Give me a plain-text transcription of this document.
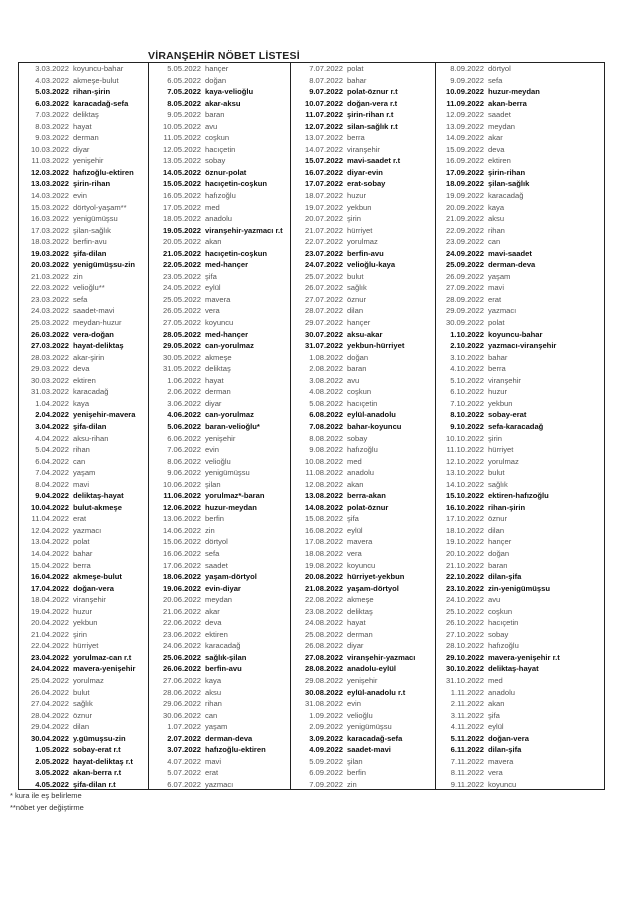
VİRANŞEHİR NÖBET LİSTESİ
3.03.2022 koyuncu-bahar
4.03.2022 akmeşe-bulut
5.03.2022 rihan-şirin
6.03.2022 karacadağ-sefa
7.03.2022 deliktaş
8.03.2022 hayat
9.03.2022 derman
10.03.2022 diyar
11.03.2022 yenişehir
12.03.2022 hafızoğlu-ektiren
13.03.2022 şirin-rihan
14.03.2022 evin
15.03.2022 dörtyol-yaşam**
16.03.2022 yenigümüşsu
17.03.2022 şilan-sağlık
18.03.2022 berfin-avu
19.03.2022 şifa-dilan
20.03.2022 yenigümüşsu-zin
21.03.2022 zin
22.03.2022 velioğlu**
23.03.2022 sefa
24.03.2022 saadet-mavi
25.03.2022 meydan-huzur
26.03.2022 vera-doğan
27.03.2022 hayat-deliktaş
28.03.2022 akar-şirin
29.03.2022 deva
30.03.2022 ektiren
31.03.2022 karacadağ
1.04.2022 kaya
2.04.2022 yenişehir-mavera
3.04.2022 şifa-dilan
4.04.2022 aksu-rihan
5.04.2022 rihan
6.04.2022 can
7.04.2022 yaşam
8.04.2022 mavi
9.04.2022 deliktaş-hayat
10.04.2022 bulut-akmeşe
11.04.2022 erat
12.04.2022 yazmacı
13.04.2022 polat
14.04.2022 bahar
15.04.2022 berra
16.04.2022 akmeşe-bulut
17.04.2022 doğan-vera
18.04.2022 viranşehir
19.04.2022 huzur
20.04.2022 yekbun
21.04.2022 şirin
22.04.2022 hürriyet
23.04.2022 yorulmaz-can r.t
24.04.2022 mavera-yenişehir
25.04.2022 yorulmaz
26.04.2022 bulut
27.04.2022 sağlık
28.04.2022 öznur
29.04.2022 dilan
30.04.2022 y.gümuşsu-zin
1.05.2022 sobay-erat r.t
2.05.2022 hayat-deliktaş r.t
3.05.2022 akan-berra r.t
4.05.2022 şifa-dilan r.t
5.05.2022 hançer
6.05.2022 doğan
7.05.2022 kaya-velioğlu
8.05.2022 akar-aksu
9.05.2022 baran
10.05.2022 avu
11.05.2022 coşkun
12.05.2022 hacıçetin
13.05.2022 sobay
14.05.2022 öznur-polat
15.05.2022 hacıçetin-coşkun
16.05.2022 hafızoğlu
17.05.2022 med
18.05.2022 anadolu
19.05.2022 viranşehir-yazmacı r.t
20.05.2022 akan
21.05.2022 hacıçetin-coşkun
22.05.2022 med-hançer
23.05.2022 şifa
24.05.2022 eylül
25.05.2022 mavera
26.05.2022 vera
27.05.2022 koyuncu
28.05.2022 med-hançer
29.05.2022 can-yorulmaz
30.05.2022 akmeşe
31.05.2022 deliktaş
1.06.2022 hayat
2.06.2022 derman
3.06.2022 diyar
4.06.2022 can-yorulmaz
5.06.2022 baran-velioğlu*
6.06.2022 yenişehir
7.06.2022 evin
8.06.2022 velioğlu
9.06.2022 yenigümüşsu
10.06.2022 şilan
11.06.2022 yorulmaz*-baran
12.06.2022 huzur-meydan
13.06.2022 berfin
14.06.2022 zin
15.06.2022 dörtyol
16.06.2022 sefa
17.06.2022 saadet
18.06.2022 yaşam-dörtyol
19.06.2022 evin-diyar
20.06.2022 meydan
21.06.2022 akar
22.06.2022 deva
23.06.2022 ektiren
24.06.2022 karacadağ
25.06.2022 sağlık-şilan
26.06.2022 berfin-avu
27.06.2022 kaya
28.06.2022 aksu
29.06.2022 rihan
30.06.2022 can
1.07.2022 yaşam
2.07.2022 derman-deva
3.07.2022 hafızoğlu-ektiren
4.07.2022 mavi
5.07.2022 erat
6.07.2022 yazmacı
7.07.2022 polat
8.07.2022 bahar
9.07.2022 polat-öznur r.t
10.07.2022 doğan-vera r.t
11.07.2022 şirin-rihan r.t
12.07.2022 silan-sağlık r.t
13.07.2022 berra
14.07.2022 viranşehir
15.07.2022 mavi-saadet r.t
16.07.2022 diyar-evin
17.07.2022 erat-sobay
18.07.2022 huzur
19.07.2022 yekbun
20.07.2022 şirin
21.07.2022 hürriyet
22.07.2022 yorulmaz
23.07.2022 berfin-avu
24.07.2022 velioğlu-kaya
25.07.2022 bulut
26.07.2022 sağlık
27.07.2022 öznur
28.07.2022 dilan
29.07.2022 hançer
30.07.2022 aksu-akar
31.07.2022 yekbun-hürriyet
1.08.2022 doğan
2.08.2022 baran
3.08.2022 avu
4.08.2022 coşkun
5.08.2022 hacıçetin
6.08.2022 eylül-anadolu
7.08.2022 bahar-koyuncu
8.08.2022 sobay
9.08.2022 hafızoğlu
10.08.2022 med
11.08.2022 anadolu
12.08.2022 akan
13.08.2022 berra-akan
14.08.2022 polat-öznur
15.08.2022 şifa
16.08.2022 eylül
17.08.2022 mavera
18.08.2022 vera
19.08.2022 koyuncu
20.08.2022 hürriyet-yekbun
21.08.2022 yaşam-dörtyol
22.08.2022 akmeşe
23.08.2022 deliktaş
24.08.2022 hayat
25.08.2022 derman
26.08.2022 diyar
27.08.2022 viranşehir-yazmacı
28.08.2022 anadolu-eylül
29.08.2022 yenişehir
30.08.2022 eylül-anadolu r.t
31.08.2022 evin
1.09.2022 velioğlu
2.09.2022 yenigümüşsu
3.09.2022 karacadağ-sefa
4.09.2022 saadet-mavi
5.09.2022 şilan
6.09.2022 berfin
7.09.2022 zin
8.09.2022 dörtyol
9.09.2022 sefa
10.09.2022 huzur-meydan
11.09.2022 akan-berra
12.09.2022 saadet
13.09.2022 meydan
14.09.2022 akar
15.09.2022 deva
16.09.2022 ektiren
17.09.2022 şirin-rihan
18.09.2022 şilan-sağlık
19.09.2022 karacadağ
20.09.2022 kaya
21.09.2022 aksu
22.09.2022 rihan
23.09.2022 can
24.09.2022 mavi-saadet
25.09.2022 derman-deva
26.09.2022 yaşam
27.09.2022 mavi
28.09.2022 erat
29.09.2022 yazmacı
30.09.2022 polat
1.10.2022 koyuncu-bahar
2.10.2022 yazmacı-viranşehir
3.10.2022 bahar
4.10.2022 berra
5.10.2022 viranşehir
6.10.2022 huzur
7.10.2022 yekbun
8.10.2022 sobay-erat
9.10.2022 sefa-karacadağ
10.10.2022 şirin
11.10.2022 hürriyet
12.10.2022 yorulmaz
13.10.2022 bulut
14.10.2022 sağlık
15.10.2022 ektiren-hafızoğlu
16.10.2022 rihan-şirin
17.10.2022 öznur
18.10.2022 dilan
19.10.2022 hançer
20.10.2022 doğan
21.10.2022 baran
22.10.2022 dilan-şifa
23.10.2022 zin-yenigümüşsu
24.10.2022 avu
25.10.2022 coşkun
26.10.2022 hacıçetin
27.10.2022 sobay
28.10.2022 hafızoğlu
29.10.2022 mavera-yenişehir r.t
30.10.2022 deliktaş-hayat
31.10.2022 med
1.11.2022 anadolu
2.11.2022 akan
3.11.2022 şifa
4.11.2022 eylül
5.11.2022 doğan-vera
6.11.2022 dilan-şifa
7.11.2022 mavera
8.11.2022 vera
9.11.2022 koyuncu
* kura ile eş belirleme
**nöbet yer değiştirme
